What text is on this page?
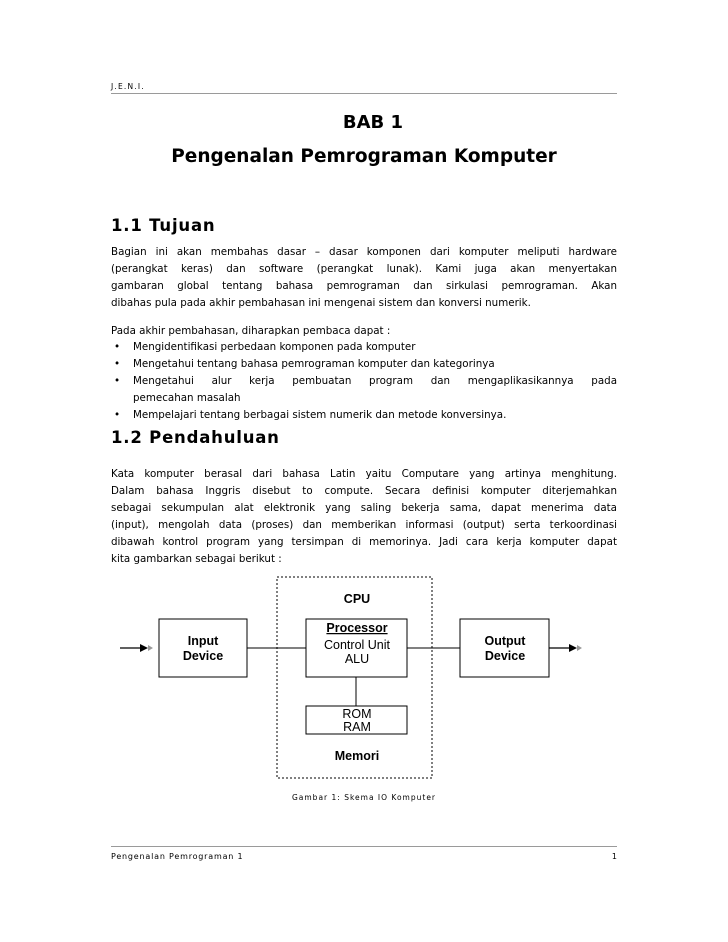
J.E.N.I.
BAB 1
Pengenalan Pemrograman Komputer
1.1 Tujuan
Bagian ini akan membahas dasar – dasar komponen dari komputer meliputi hardware
(perangkat keras) dan software (perangkat lunak). Kami juga akan menyertakan
gambaran global tentang bahasa pemrograman dan sirkulasi pemrograman. Akan
dibahas pula pada akhir pembahasan ini mengenai sistem dan konversi numerik.
Pada akhir pembahasan, diharapkan pembaca dapat :
• Mengidentifikasi perbedaan komponen pada komputer
• Mengetahui tentang bahasa pemrograman komputer dan kategorinya
• Mengetahui alur kerja pembuatan program dan mengaplikasikannya pada
pemecahan masalah
• Mempelajari tentang berbagai sistem numerik dan metode konversinya.
1.2 Pendahuluan
Kata komputer berasal dari bahasa Latin yaitu Computare yang artinya menghitung.
Dalam bahasa Inggris disebut to compute. Secara definisi komputer diterjemahkan
sebagai sekumpulan alat elektronik yang saling bekerja sama, dapat menerima data
(input), mengolah data (proses) dan memberikan informasi (output) serta terkoordinasi
dibawah kontrol program yang tersimpan di memorinya. Jadi cara kerja komputer dapat
kita gambarkan sebagai berikut :
CPU
Input
Device
Processor
Control Unit
ALU
ROM
RAM
Memori
Output
Device
Gambar 1: Skema IO Komputer
Pengenalan Pemrograman 1	1
